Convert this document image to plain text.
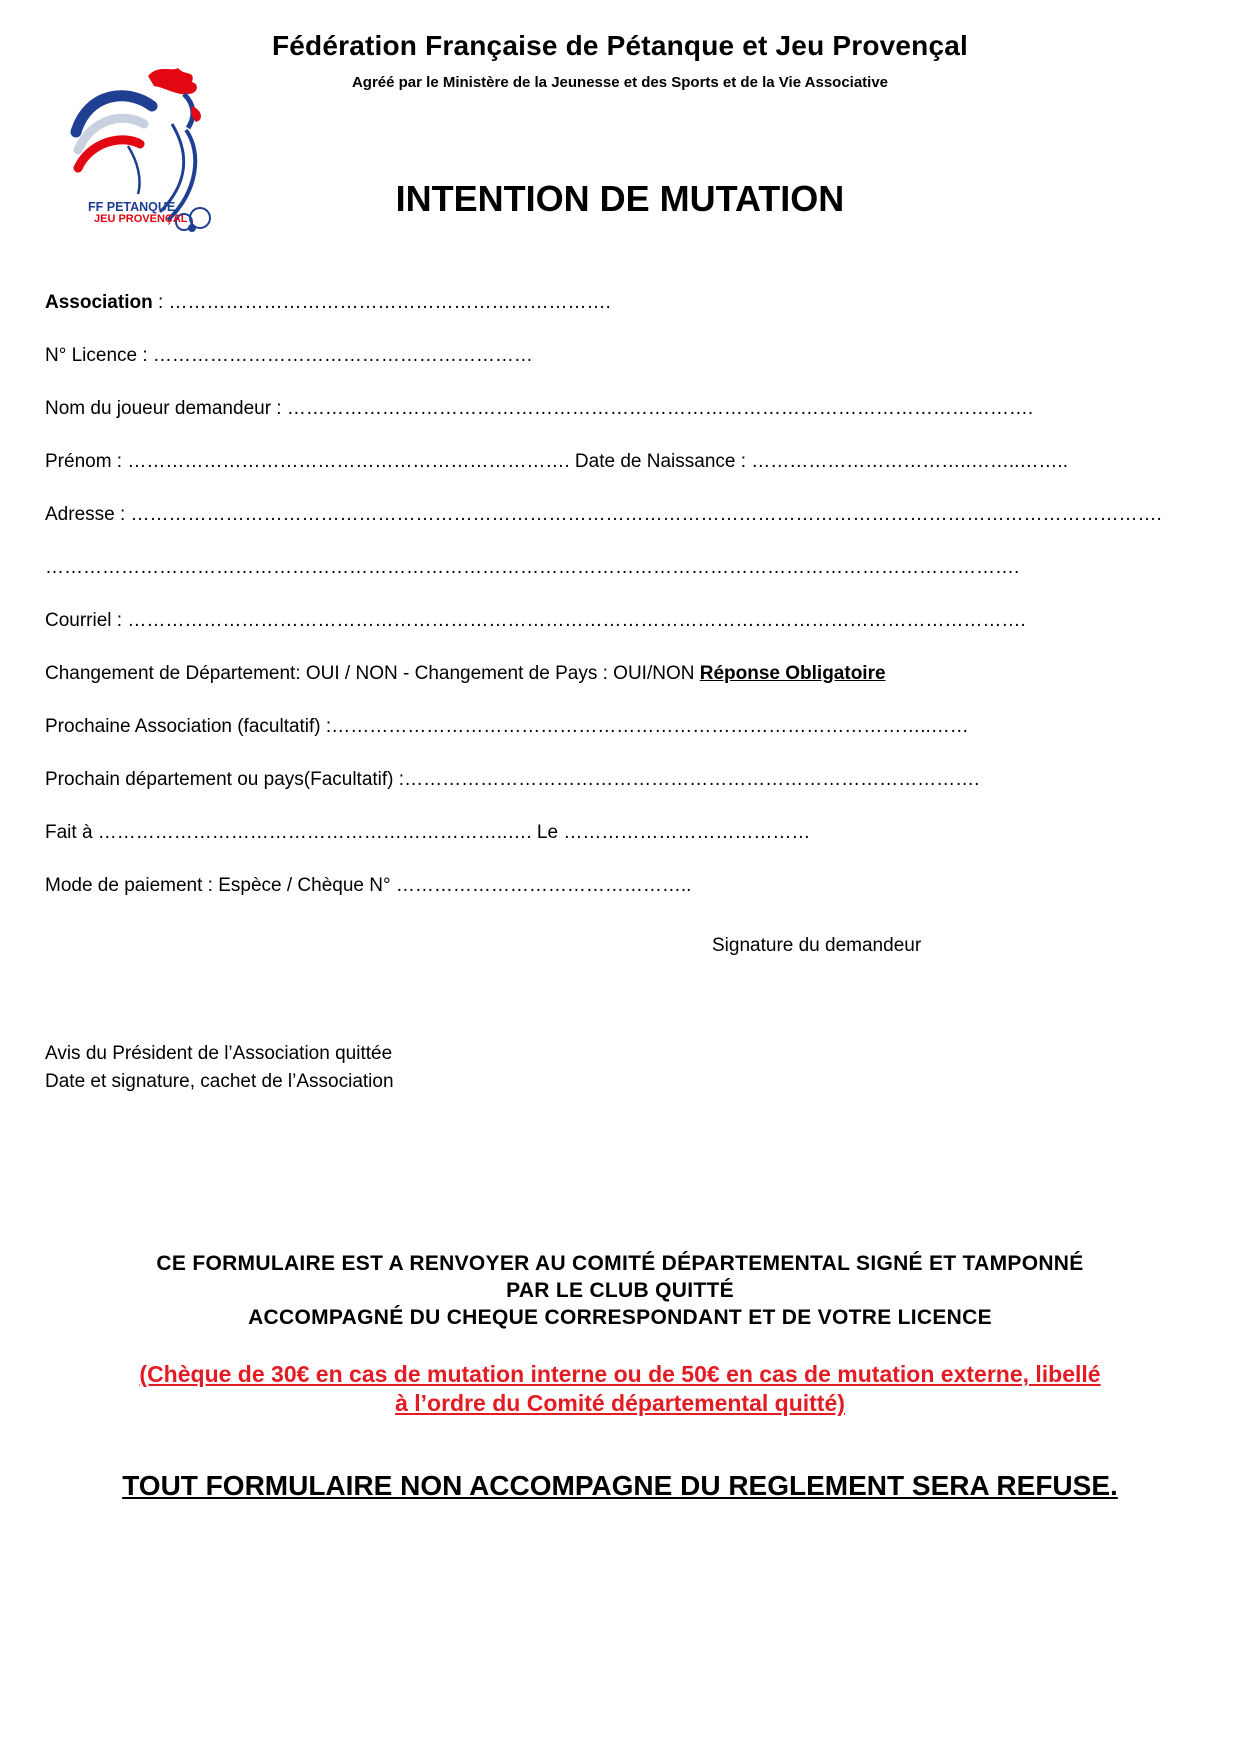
FF PETANQUE
JEU PROVENÇAL
Fédération Française de Pétanque et Jeu Provençal
Agréé par le Ministère de la Jeunesse et des Sports et de la Vie Associative
INTENTION DE MUTATION
Association : …………………………………………………………….
N° Licence : ……………………………………………………
Nom du joueur demandeur : ……………………………………………………………………………………………………….
Prénom : ……………………………………………………………. Date de Naissance : ……………………………..……..……..
Adresse : ……………………………………………………………………………………………………………………………………………….
……………………………………………………………………………………………………………………………………….
Courriel : …………………………………………………………………………………………………………………………….
Changement de Département: OUI / NON - Changement de Pays : OUI/NON Réponse Obligatoire
Prochaine Association (facultatif) :…………………………………………………………………………………..……
Prochain département ou pays(Facultatif) :……………………………………………………………………………….
Fait à ………………………………………………………..…. Le …………………………………
Mode de paiement : Espèce / Chèque N° ………………………………………..
Signature du demandeur
Avis du Président de l’Association quittée
Date et signature, cachet de l’Association
CE FORMULAIRE EST A RENVOYER AU COMITÉ DÉPARTEMENTAL SIGNÉ ET TAMPONNÉ
PAR LE CLUB QUITTÉ
ACCOMPAGNÉ DU CHEQUE CORRESPONDANT ET DE VOTRE LICENCE
(Chèque de 30€ en cas de mutation interne ou de 50€ en cas de mutation externe, libellé
à l’ordre du Comité départemental quitté)
TOUT FORMULAIRE NON ACCOMPAGNE DU REGLEMENT SERA REFUSE.
